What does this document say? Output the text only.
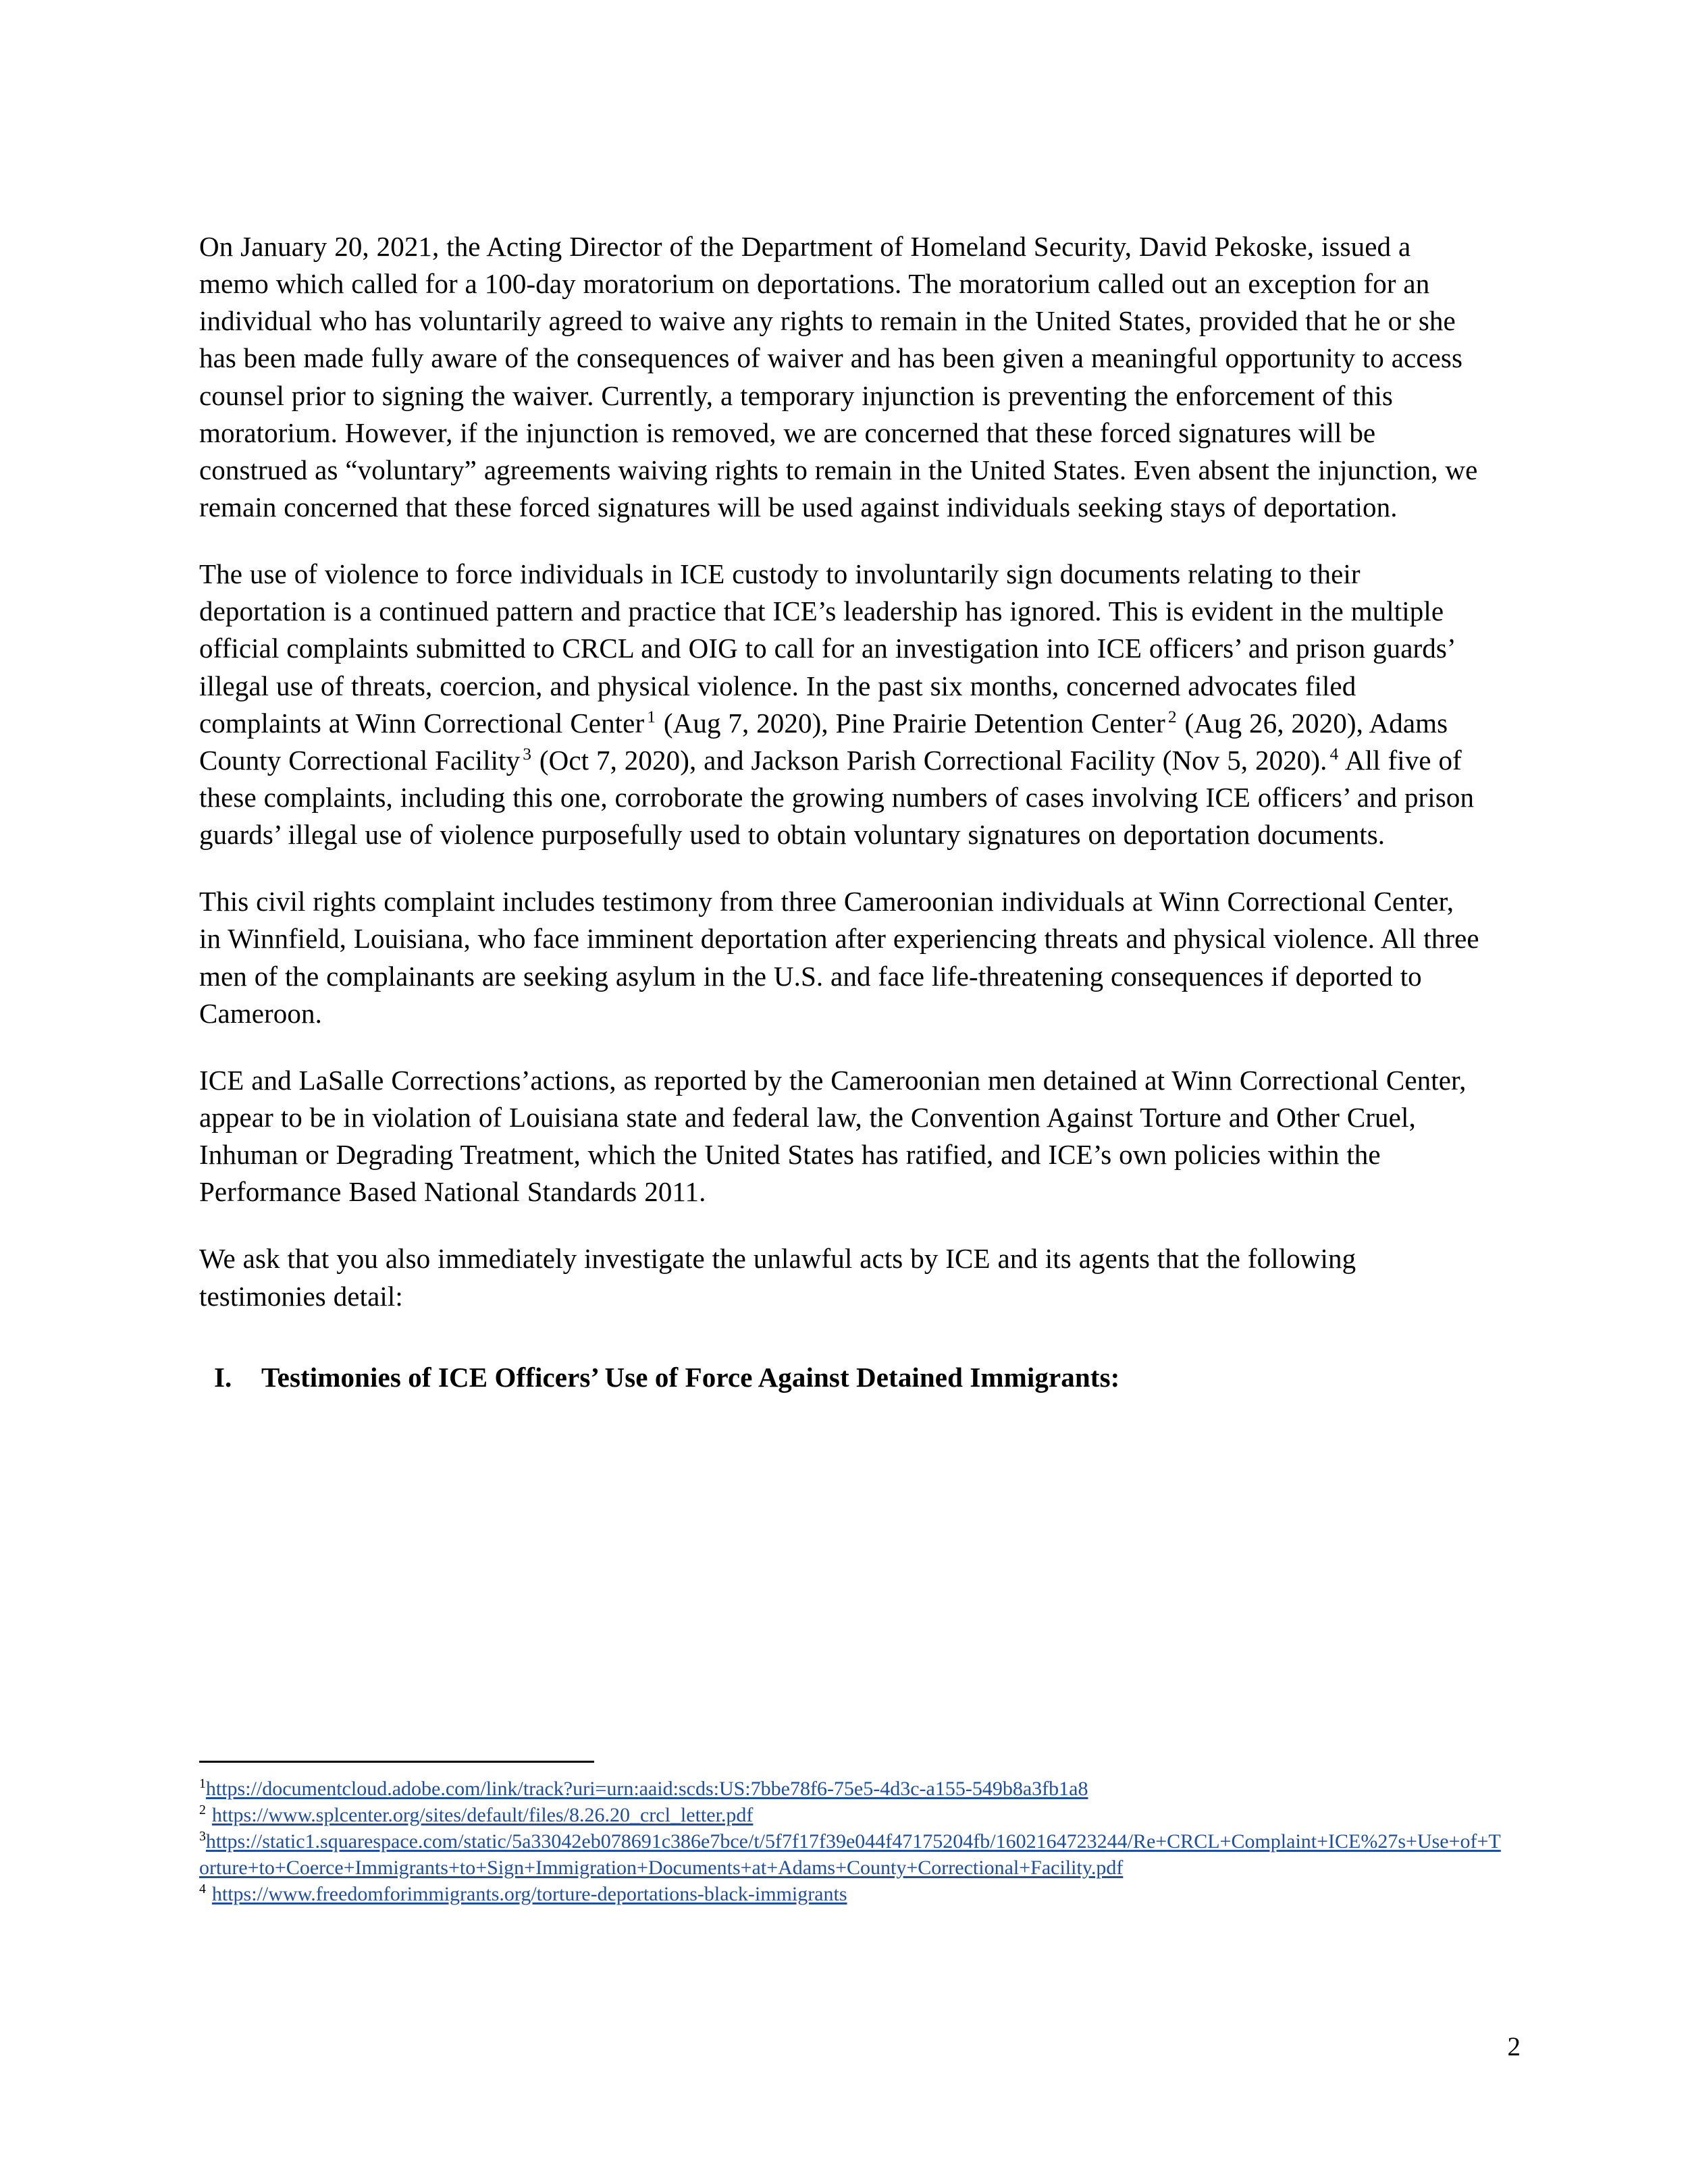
On January 20, 2021, the Acting Director of the Department of Homeland Security, David Pekoske, issued a memo which called for a 100-day moratorium on deportations. The moratorium called out an exception for an individual who has voluntarily agreed to waive any rights to remain in the United States, provided that he or she has been made fully aware of the consequences of waiver and has been given a meaningful opportunity to access counsel prior to signing the waiver. Currently, a temporary injunction is preventing the enforcement of this moratorium. However, if the injunction is removed, we are concerned that these forced signatures will be construed as “voluntary” agreements waiving rights to remain in the United States. Even absent the injunction, we remain concerned that these forced signatures will be used against individuals seeking stays of deportation.

The use of violence to force individuals in ICE custody to involuntarily sign documents relating to their deportation is a continued pattern and practice that ICE’s leadership has ignored. This is evident in the multiple official complaints submitted to CRCL and OIG to call for an investigation into ICE officers’ and prison guards’ illegal use of threats, coercion, and physical violence. In the past six months, concerned advocates filed complaints at Winn Correctional Center $^1$ (Aug 7, 2020), Pine Prairie Detention Center $^2$ (Aug 26, 2020), Adams County Correctional Facility $^3$ (Oct 7, 2020), and Jackson Parish Correctional Facility (Nov 5, 2020). $^4$ All five of these complaints, including this one, corroborate the growing numbers of cases involving ICE officers’ and prison guards’ illegal use of violence purposefully used to obtain voluntary signatures on deportation documents.

This civil rights complaint includes testimony from three Cameroonian individuals at Winn Correctional Center, in Winnfield, Louisiana, who face imminent deportation after experiencing threats and physical violence. All three men of the complainants are seeking asylum in the U.S. and face life-threatening consequences if deported to Cameroon.

ICE and LaSalle Corrections’actions, as reported by the Cameroonian men detained at Winn Correctional Center, appear to be in violation of Louisiana state and federal law, the Convention Against Torture and Other Cruel, Inhuman or Degrading Treatment, which the United States has ratified, and ICE’s own policies within the Performance Based National Standards 2011.

We ask that you also immediately investigate the unlawful acts by ICE and its agents that the following testimonies detail:

I.	Testimonies of ICE Officers’ Use of Force Against Detained Immigrants:

$^1$https://documentcloud.adobe.com/link/track?uri=urn:aaid:scds:US:7bbe78f6-75e5-4d3c-a155-549b8a3fb1a8

$^2$ https://www.splcenter.org/sites/default/files/8.26.20_crcl_letter.pdf

$^3$https://static1.squarespace.com/static/5a33042eb078691c386e7bce/t/5f7f17f39e044f47175204fb/1602164723244/Re+CRCL+Complaint+ICE%27s+Use+of+Torture+to+Coerce+Immigrants+to+Sign+Immigration+Documents+at+Adams+County+Correctional+Facility.pdf

$^4$ https://www.freedomforimmigrants.org/torture-deportations-black-immigrants

2
